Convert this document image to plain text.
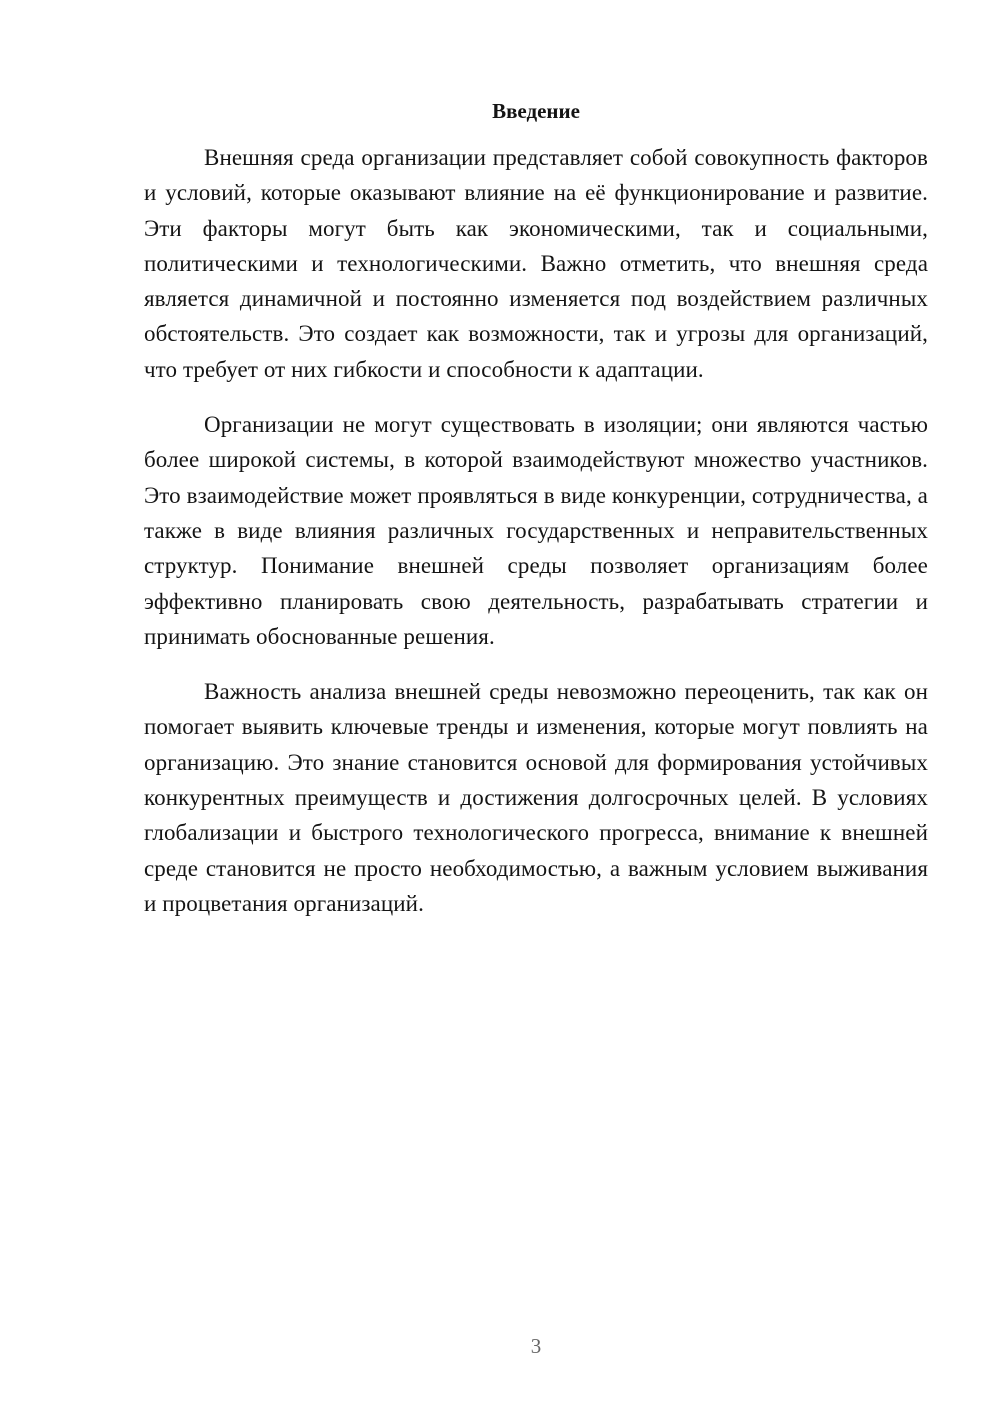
Введение

Внешняя среда организации представляет собой совокупность факторов и условий, которые оказывают влияние на её функционирование и развитие. Эти факторы могут быть как экономическими, так и социальными, политическими и технологическими. Важно отметить, что внешняя среда является динамичной и постоянно изменяется под воздействием различных обстоятельств. Это создает как возможности, так и угрозы для организаций, что требует от них гибкости и способности к адаптации.

Организации не могут существовать в изоляции; они являются частью более широкой системы, в которой взаимодействуют множество участников. Это взаимодействие может проявляться в виде конкуренции, сотрудничества, а также в виде влияния различных государственных и неправительственных структур. Понимание внешней среды позволяет организациям более эффективно планировать свою деятельность, разрабатывать стратегии и принимать обоснованные решения.

Важность анализа внешней среды невозможно переоценить, так как он помогает выявить ключевые тренды и изменения, которые могут повлиять на организацию. Это знание становится основой для формирования устойчивых конкурентных преимуществ и достижения долгосрочных целей. В условиях глобализации и быстрого технологического прогресса, внимание к внешней среде становится не просто необходимостью, а важным условием выживания и процветания организаций.

3
